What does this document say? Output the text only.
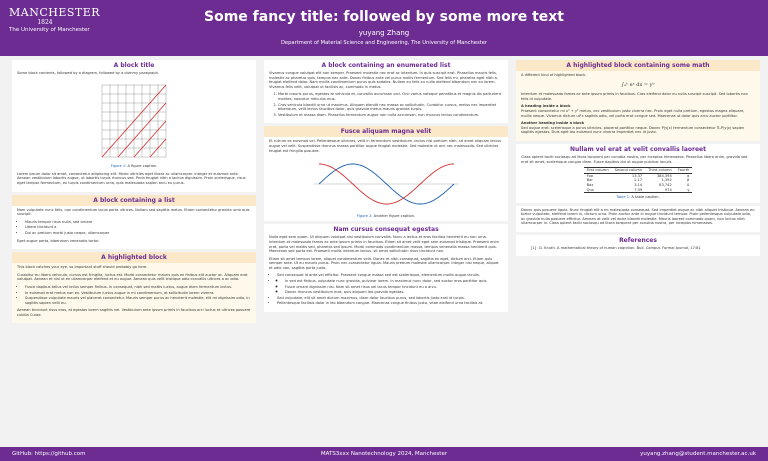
MANCHESTER
1824
The University of Manchester
Some fancy title: followed by some more text
yuyang Zhang
Department of Material Science and Engineering, The University of Manchester
A block title

Some block contents, followed by a diagram, followed by a dummy paragraph.

Figure 1: A figure caption.

Lorem ipsum dolor sit amet, consectetur adipiscing elit. Morbi ultricies eget libero ac ullamcorper. Integer et euismod ante. Aenean vestibulum lobortis augue, ut lobortis turpis rhoncus sed. Proin feugiat nibh a lacinia dignissim. Proin scelerisque, risus eget tempor fermentum, ex turpis condimentum urna, quis malesuada sapien arcu eu purus.

A block containing a list

Nam vulputate nunc felis, non condimentum lacus porta ultrices. Nullam sed sagittis metus. Etiam consectetur gravida urna quis suscipit.

• Mauris tempor risus nulla, sed ornare
• Libero tincidunt a
• Dui ac pretium morbi justo neque, ullamcorper

Eget augue porta, bibendum venenatis tortor.

A highlighted block

This block catches your eye, so important stuff should probably go here.

Curabitur eu libero vehicula, cursus est fringilla, luctus est. Morbi consectetur mauris quis ex finibus elit auctor ac. Aliquam erat volutpat. Aenean et nisl ut ex ullamcorper eleifend et eu augue. Aenean quis velit tristique odio convallis ultrices a ac odio.

• Fusce dapibus tellus vel tellus semper finibus. In consequat, nibh sed mattis luctus, augue diam fermentum lectus.
• In euismod erat metus non ex. Vestibulum luctus augue in mi condimentum, at sollicitudin lorem viverra.
• Suspendisse vulputate mauris vel placerat consectetur. Mauris semper purus ac hendrerit molestie, elit mi dignissim odio, in sagittis sapien velit eu.

Aenean tincidunt risus eros, at egestas lorem sagittis vel. Vestibulum ante ipsum primis in faucibus orci luctus et ultrices posuere cubilia Curae.

A block containing an enumerated list

Vivamus congue volutpat elit non semper. Praesent molestie nec erat ac interdum. In quis suscipit erat. Phasellus mauris felis, molestie ac pharetra quis, tempus nec ante. Donec finibus ante vel purus mollis fermentum. Sed felis mi, pharetra eget nibh a, feugiat eleifend dolor. Nam mollis condimentum purus quis sodales. Nullam eu felis eu nulla eleifend bibendum nec eu lorem. Vivamus felis velit, volutpat ut facilisis ac, commodo in metus.

1. Morbi mauris purus, egestas at vehicula et, convallis accumsan orci. Orci varius natoque penatibus et magnis dis parturient montes, nascetur ridiculus mus.
2. Cras vehicula blandit urna ut maximus. Aliquam blandit nec massa ac sollicitudin. Curabitur cursus, metus nec imperdiet bibendum, velit lectus faucibus dolor, quis gravida metus mauris gravida turpis.
3. Vestibulum et massa diam. Phasellus fermentum augue non nulla accumsan, non rhoncus lectus condimentum.
Fusce aliquam magna velit

Et rutrum ex euismod vel. Pellentesque ultricies, velit in fermentum vestibulum, lectus nisi pretium nibh, sit amet aliquam lectus augue vel velit. Suspendisse rhoncus massa porttitor augue feugiat molestie. Sed molestie ut orci nec malesuada. Sed ultricies feugiat est fringilla posuere.

Figure 2: Another figure caption.
Nam cursus consequat egestas

Nulla eget sem quam. Ut aliquam volutpat nisi vestibulum convallis. Nunc a lectus et eros facilisis hendrerit eu non urna. Interdum et malesuada fames ac ante ipsum primis in faucibus. Etiam sit amet velit eget sem euismod tristique. Praesent enim erat, porta vel mattis sed, pharetra sed ipsum. Morbi commodo condimentum massa, tempus venenatis massa hendrerit quis. Maecenas sed porta est. Praesent mollis interdum lectus, sit amet sollicitudin risus tincidunt non.

Etiam sit amet tempus lorem, aliquet condimentum velit. Donec et nibh consequat, sagittis ex eget, dictum orci. Etiam quis semper ante. Ut eu mauris purus. Proin nec consectetur ligula. Mauris pretium molestie ullamcorper. Integer nisi neque, aliquet et odio non, sagittis porta justo.

• Sed consequat id ante vel efficitur. Praesent congue massa sed est scelerisque, elementum mollis augue iaculis.
◦ • In sed est finibus, vulputate nunc gravida, pulvinar lorem. In maximus nunc dolor, sed auctor eros porttitor quis.
◦ Fusce ornare dignissim nisi. Nam sit amet risus vel lacus tempor tincidunt eu a arcu.
◦ Donec rhoncus vestibulum erat, quis aliquam leo gravida egestas.
• Sed vulputate, elit sit amet dictum maximus, diam dolor faucibus purus, sed lobortis justo erat id turpis.
• Pellentesque facilisis dolor in leo bibendum congue. Maecenas congue finibus justo, vitae eleifend urna facilisis at.
A highlighted block containing some math

A different kind of highlighted block.

∫ₐᵇ eˣ dx = yᵇ

Interdum et malesuada fames ac ante ipsum primis in faucibus. Cras eleifend dolor eu nulla suscipit suscipit. Sed lobortis non felis id vulputate.

A heading inside a block

Praesent consectetur mi x² + y² metus, nec vestibulum justo viverra nec. Proin eget nulla pretium, egestas magna aliquam, mollis neque. Vivamus dictum ut²x sagittis odio, vel porta erat congue sed. Maecenas ut dolor quis arcu auctor porttitor.

Another heading inside a block

Sed augue erat, scelerisque a purus ultricies, placerat porttitor neque. Donec P(y|x) fermentum consectetur ∇ₓP(y|x) sapien sagittis egestas. Duis eget leo euismod nunc viverra imperdiet nec id justo.

Nullam vel erat at velit convallis laoreet

Class aptent taciti sociosqu ad litora torquent per conubia nostra, per inceptos himenaeos. Phasellus libero enim, gravida sed erat sit amet, scelerisque congue diam. Fusce dapibus dui ut augue pulvinar iaculis.

First column	Second column	Third column	Fourth
Foo	13.37	384,394	α
Bar	2.17	1,392	β
Baz	3.14	83,742	δ
Qux	7.59	974	γ
Table 1: A table caption.

Donec quis posuere ligula. Nunc feugiat elit a mi malesuada consequat. Sed imperdiet augue ac nibh aliquet tristique. Aenean eu tortor vulputate, eleifend lorem in, dictum urna. Proin auctor ante in augue tincidunt tempor. Proin pellentesque vulputate odio, ac gravida nulla posuere efficitur. Aenean at velit vel dolor blandit molestie. Mauris laoreet commodo quam, non luctus nibh ullamcorper in. Class aptent taciti sociosqu ad litora torquent per conubia nostra, per inceptos himenaeos.

References
[1] D. Knuth. A mathematical theory of human cognition. Bull. Comput. Formal Journal, 17:81
GitHub: https://github.com	MATS3xxx Nanotechnology 2024, Manchester	yuyang.zhang@student.manchester.ac.uk
